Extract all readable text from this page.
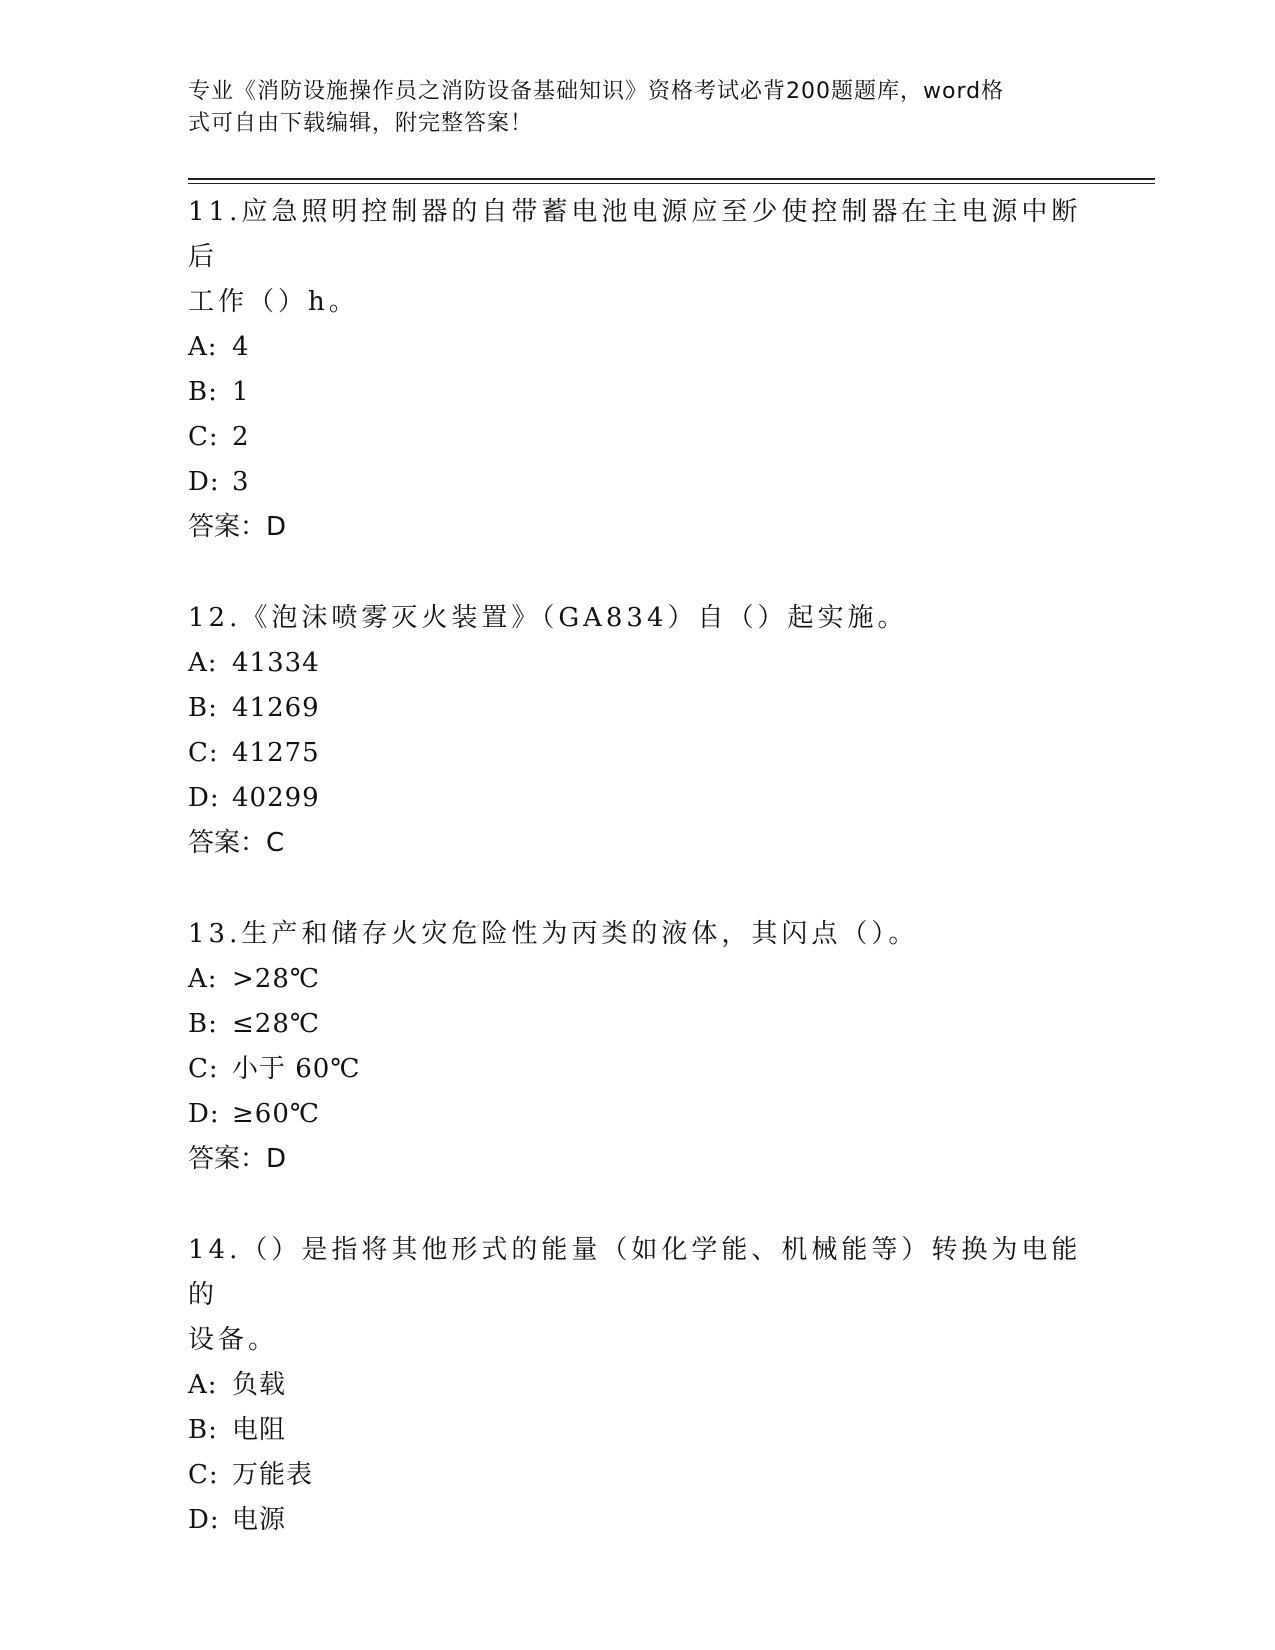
专业《消防设施操作员之消防设备基础知识》资格考试必背200题题库，word格
式可自由下载编辑，附完整答案！

11.应急照明控制器的自带蓄电池电源应至少使控制器在主电源中断后

工作（）h。

A: 4

B: 1

C: 2

D: 3

答案：D

12.《泡沫喷雾灭火装置》（GA834）自（）起实施。

A: 41334

B: 41269

C: 41275

D: 40299

答案：C

13.生产和储存火灾危险性为丙类的液体，其闪点（）。

A: >28℃

B: ≤28℃

C: 小于 60℃

D: ≥60℃

答案：D

14.（）是指将其他形式的能量（如化学能、机械能等）转换为电能的

设备。

A: 负载

B: 电阻

C: 万能表

D: 电源
